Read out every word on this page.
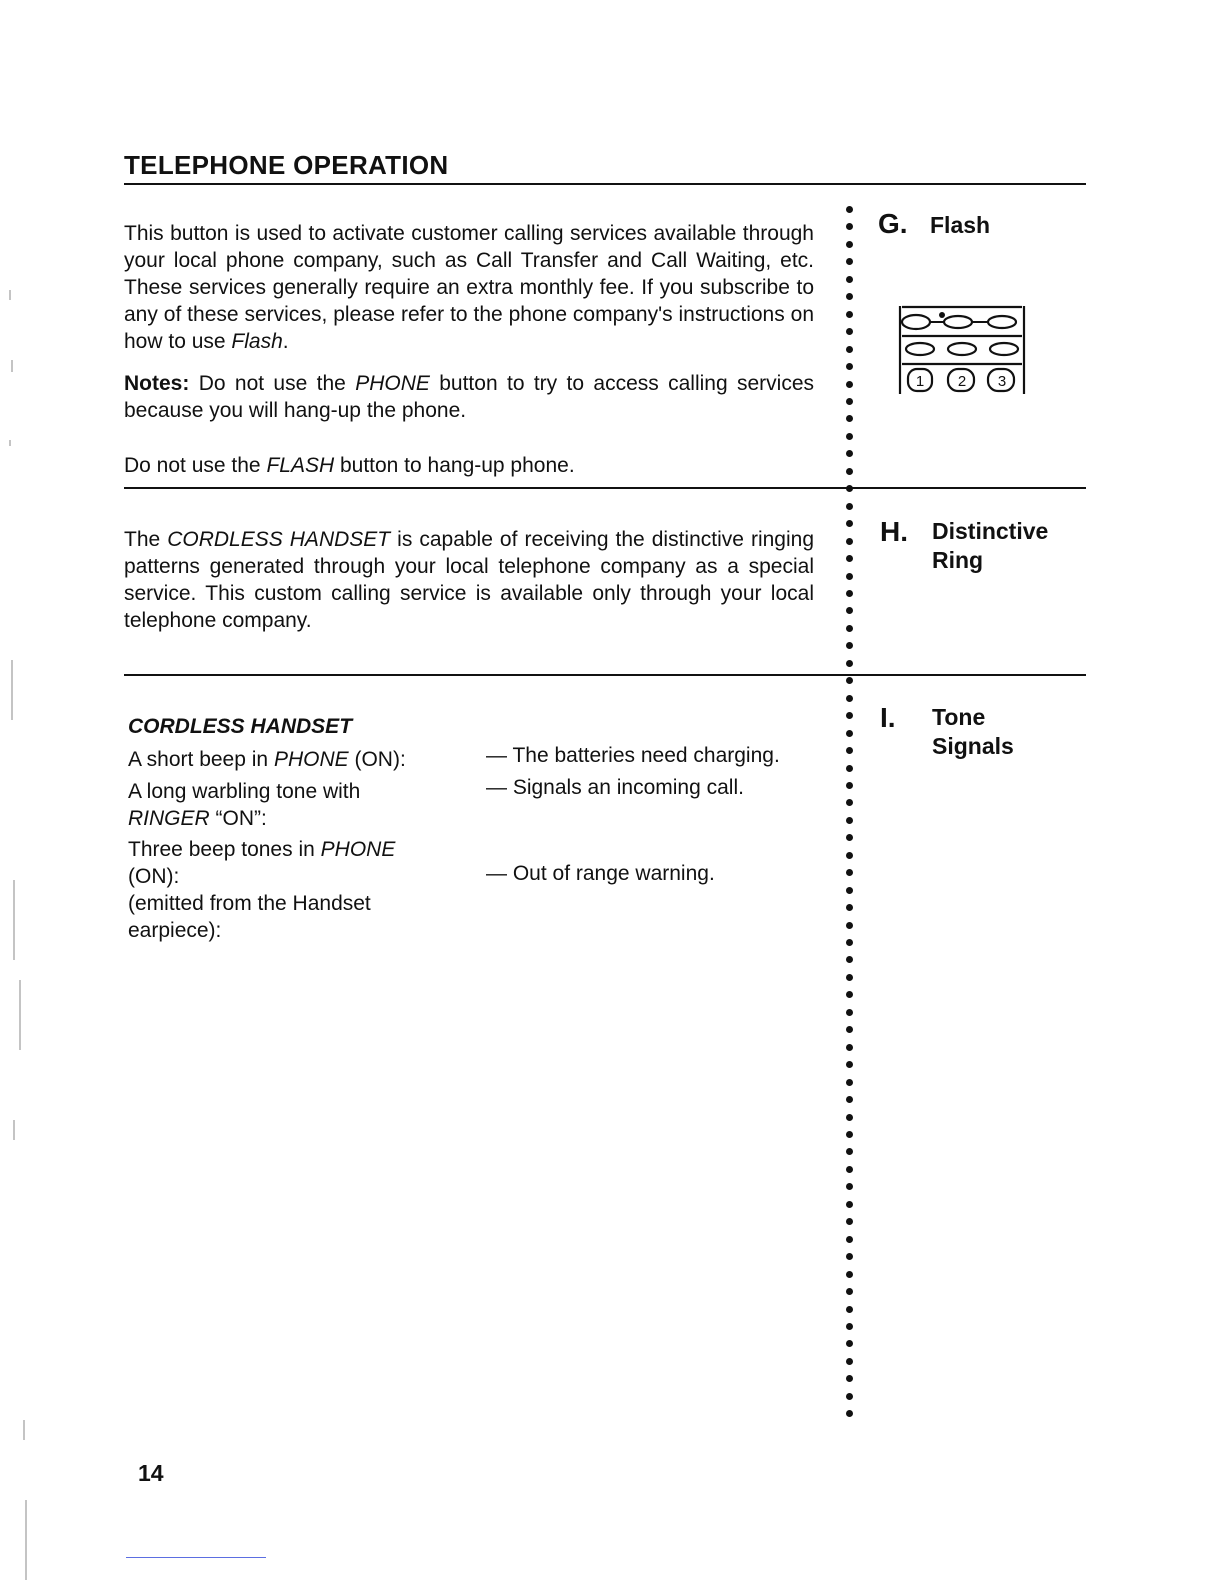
TELEPHONE OPERATION
This button is used to activate customer calling services available through your local phone company, such as Call Transfer and Call Waiting, etc. These services generally require an extra monthly fee. If you subscribe to any of these services, please refer to the phone company's instructions on how to use Flash.
Notes: Do not use the PHONE button to try to access calling services because you will hang-up the phone.
Do not use the FLASH button to hang-up phone.
G. Flash
1 2 3
The CORDLESS HANDSET is capable of receiving the distinctive ringing patterns generated through your local telephone company as a special service. This custom calling service is available only through your local telephone company.
H. Distinctive
Ring
I. Tone
Signals
CORDLESS HANDSET
A short beep in PHONE (ON):	— The batteries need charging.
A long warbling tone with
RINGER “ON”:
— Signals an incoming call.
Three beep tones in PHONE
(ON):
(emitted from the Handset
earpiece):
— Out of range warning.
14
